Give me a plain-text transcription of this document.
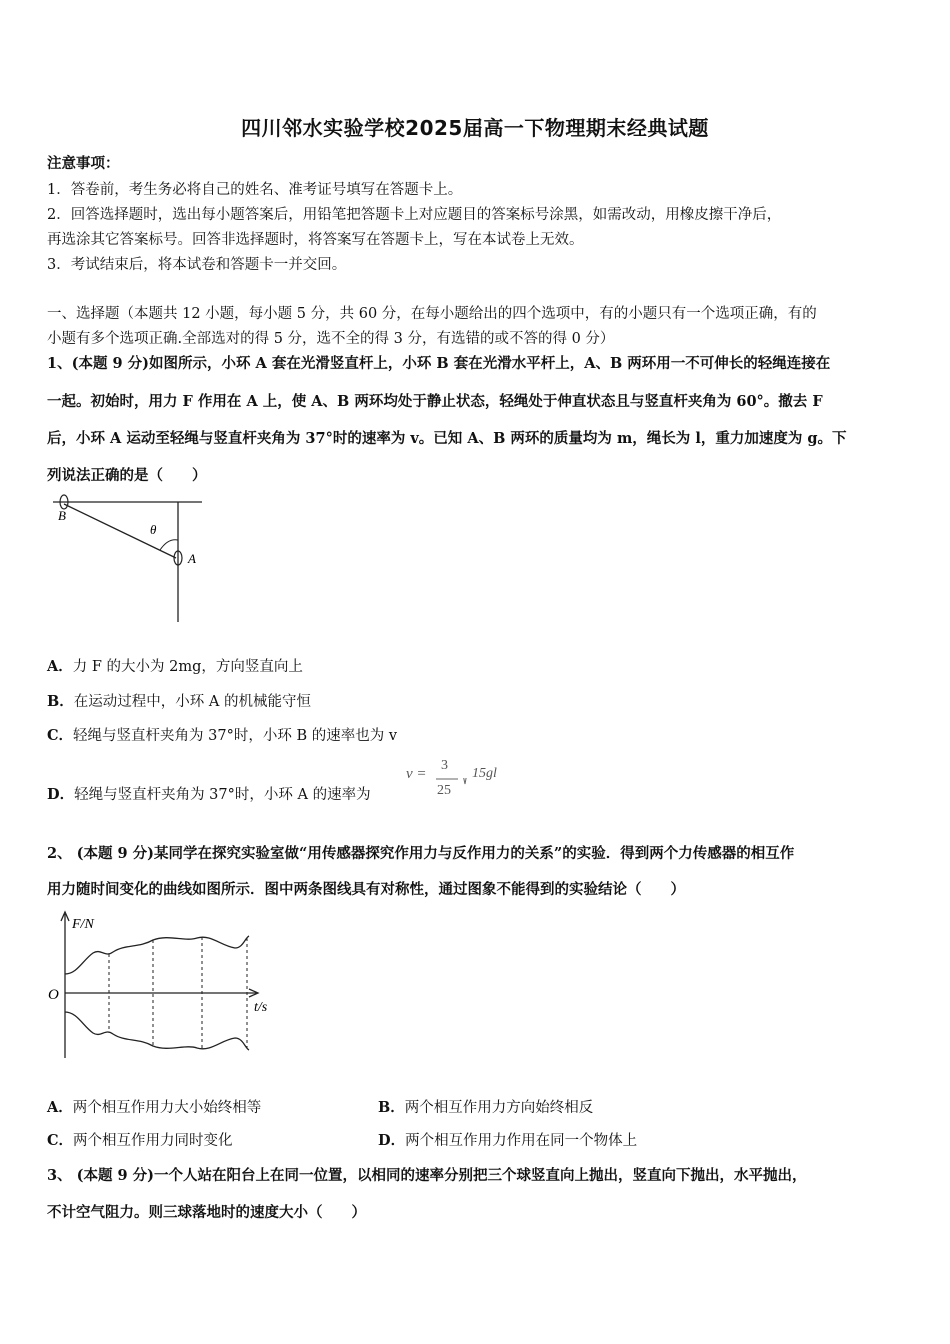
四川邻水实验学校2025届高一下物理期末经典试题
注意事项：
1．答卷前，考生务必将自己的姓名、准考证号填写在答题卡上。
2．回答选择题时，选出每小题答案后，用铅笔把答题卡上对应题目的答案标号涂黑，如需改动，用橡皮擦干净后，
再选涂其它答案标号。回答非选择题时，将答案写在答题卡上，写在本试卷上无效。
3．考试结束后，将本试卷和答题卡一并交回。
一、选择题（本题共 12 小题，每小题 5 分，共 60 分，在每小题给出的四个选项中，有的小题只有一个选项正确，有的
小题有多个选项正确.全部选对的得 5 分，选不全的得 3 分，有选错的或不答的得 0 分）
1、(本题 9 分)如图所示，小环 A 套在光滑竖直杆上，小环 B 套在光滑水平杆上，A、B 两环用一不可伸长的轻绳连接在
一起。初始时，用力 F 作用在 A 上，使 A、B 两环均处于静止状态，轻绳处于伸直状态且与竖直杆夹角为 60°。撤去 F
后，小环 A 运动至轻绳与竖直杆夹角为 37°时的速率为 v。已知 A、B 两环的质量均为 m，绳长为 l，重力加速度为 g。下
列说法正确的是（　　）
B
θ
A
A．力 F 的大小为 2mg，方向竖直向上
B．在运动过程中，小环 A 的机械能守恒
C．轻绳与竖直杆夹角为 37°时，小环 B 的速率也为 v
D．轻绳与竖直杆夹角为 37°时，小环 A 的速率为
v =
3
25
15gl
2、 (本题 9 分)某同学在探究实验室做“用传感器探究作用力与反作用力的关系”的实验．得到两个力传感器的相互作
用力随时间变化的曲线如图所示．图中两条图线具有对称性，通过图象不能得到的实验结论（　　）
F/N
O
t/s
A．两个相互作用力大小始终相等	B．两个相互作用力方向始终相反
C．两个相互作用力同时变化	D．两个相互作用力作用在同一个物体上
3、 (本题 9 分)一个人站在阳台上在同一位置，以相同的速率分别把三个球竖直向上抛出，竖直向下抛出，水平抛出，
不计空气阻力。则三球落地时的速度大小（　　）
